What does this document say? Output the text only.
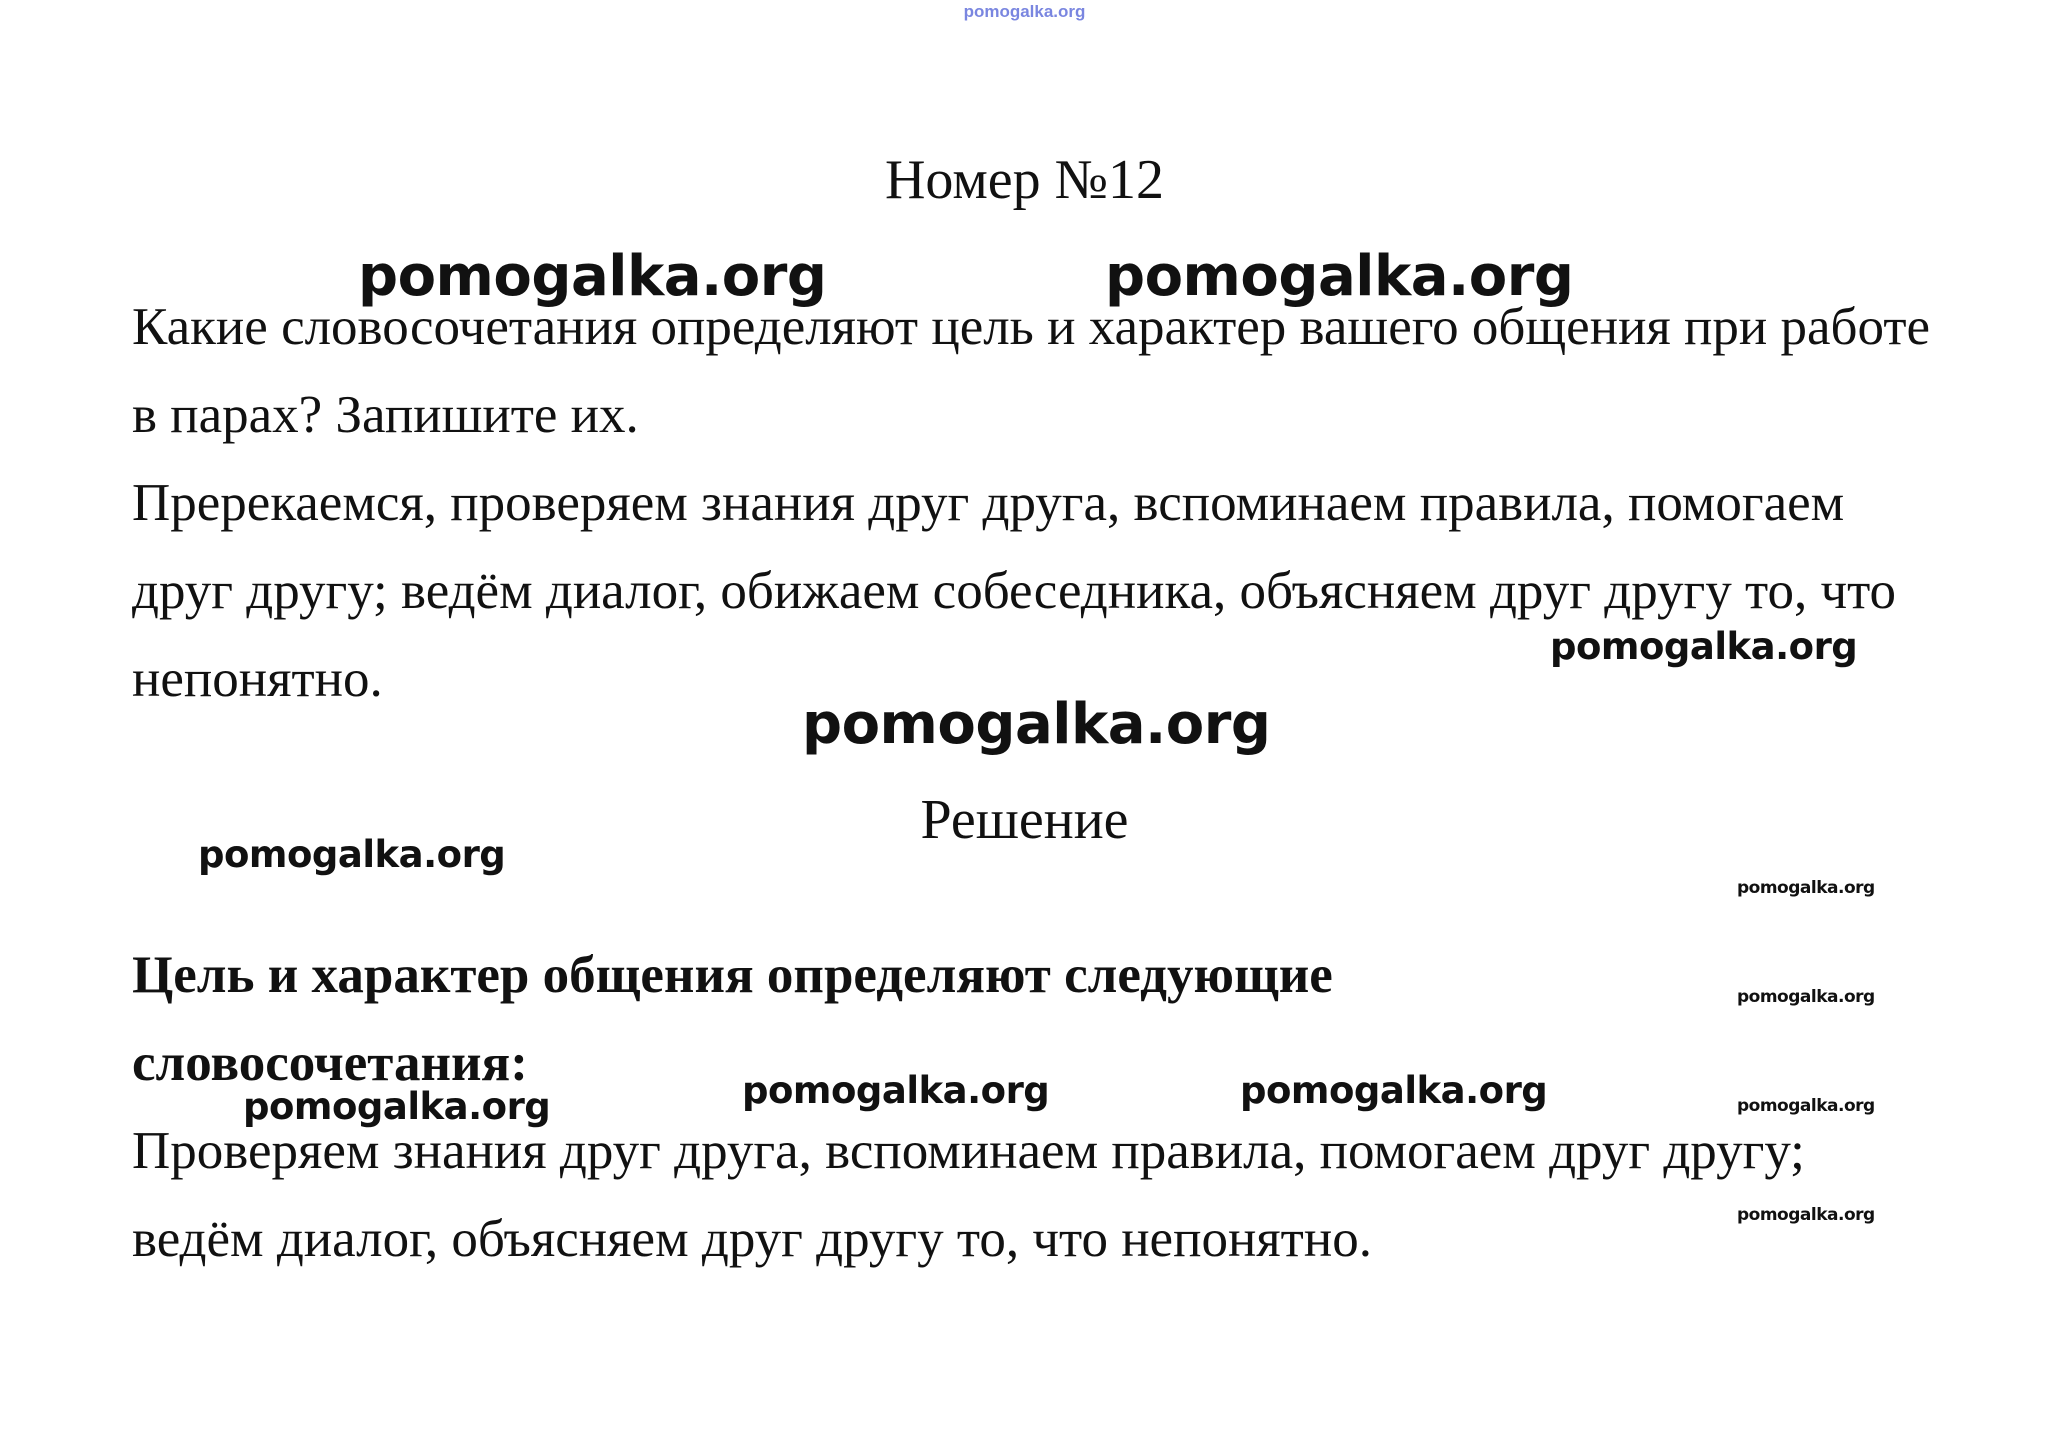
pomogalka.org
Номер №12

Какие словосочетания определяют цель и характер вашего общения при работе в парах? Запишите их.

Пререкаемся, проверяем знания друг друга, вспоминаем правила, помогаем друг другу; ведём диалог, обижаем собеседника, объясняем друг другу то, что непонятно.

Решение

Цель и характер общения определяют следующие словосочетания:

Проверяем знания друг друга, вспоминаем правила, помогаем друг другу; ведём диалог, объясняем друг другу то, что непонятно.

pomogalka.org	pomogalka.org
pomogalka.org
pomogalka.org
pomogalka.org
pomogalka.org
pomogalka.org
pomogalka.org	pomogalka.org
pomogalka.org	pomogalka.org
pomogalka.org
